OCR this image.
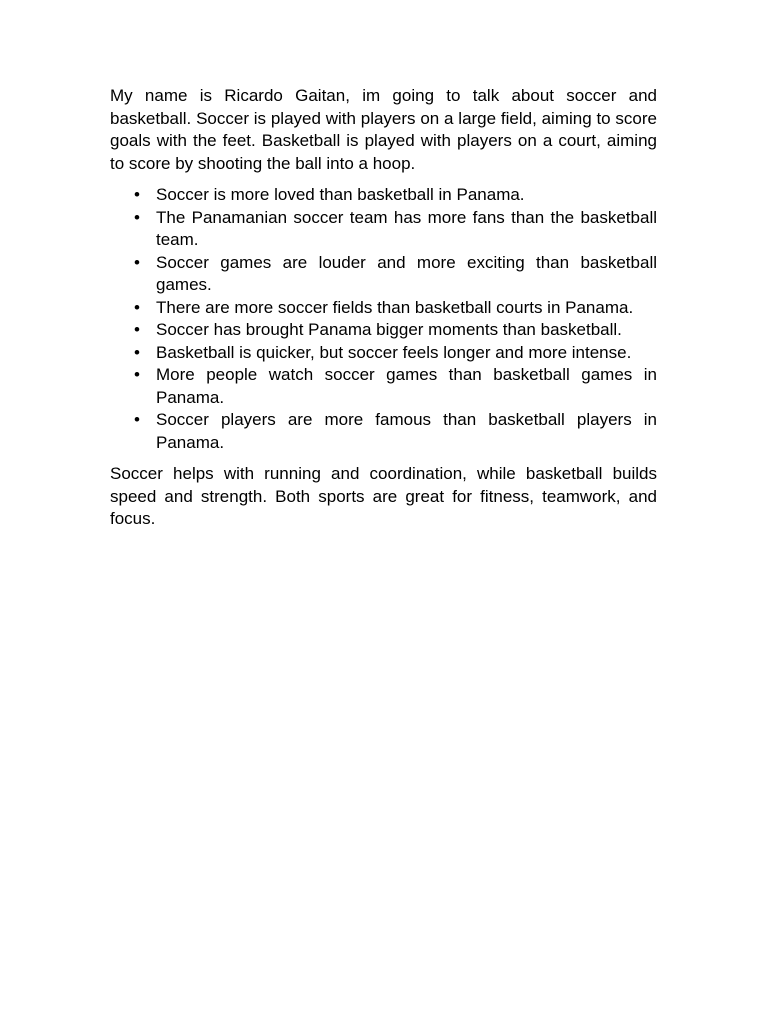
My name is Ricardo Gaitan, im going to talk about soccer and basketball. Soccer is played with players on a large field, aiming to score goals with the feet. Basketball is played with players on a court, aiming to score by shooting the ball into a hoop.

• Soccer is more loved than basketball in Panama.
• The Panamanian soccer team has more fans than the basketball team.
• Soccer games are louder and more exciting than basketball games.
• There are more soccer fields than basketball courts in Panama.
• Soccer has brought Panama bigger moments than basketball.
• Basketball is quicker, but soccer feels longer and more intense.
• More people watch soccer games than basketball games in Panama.
• Soccer players are more famous than basketball players in Panama.

Soccer helps with running and coordination, while basketball builds speed and strength. Both sports are great for fitness, teamwork, and focus.
